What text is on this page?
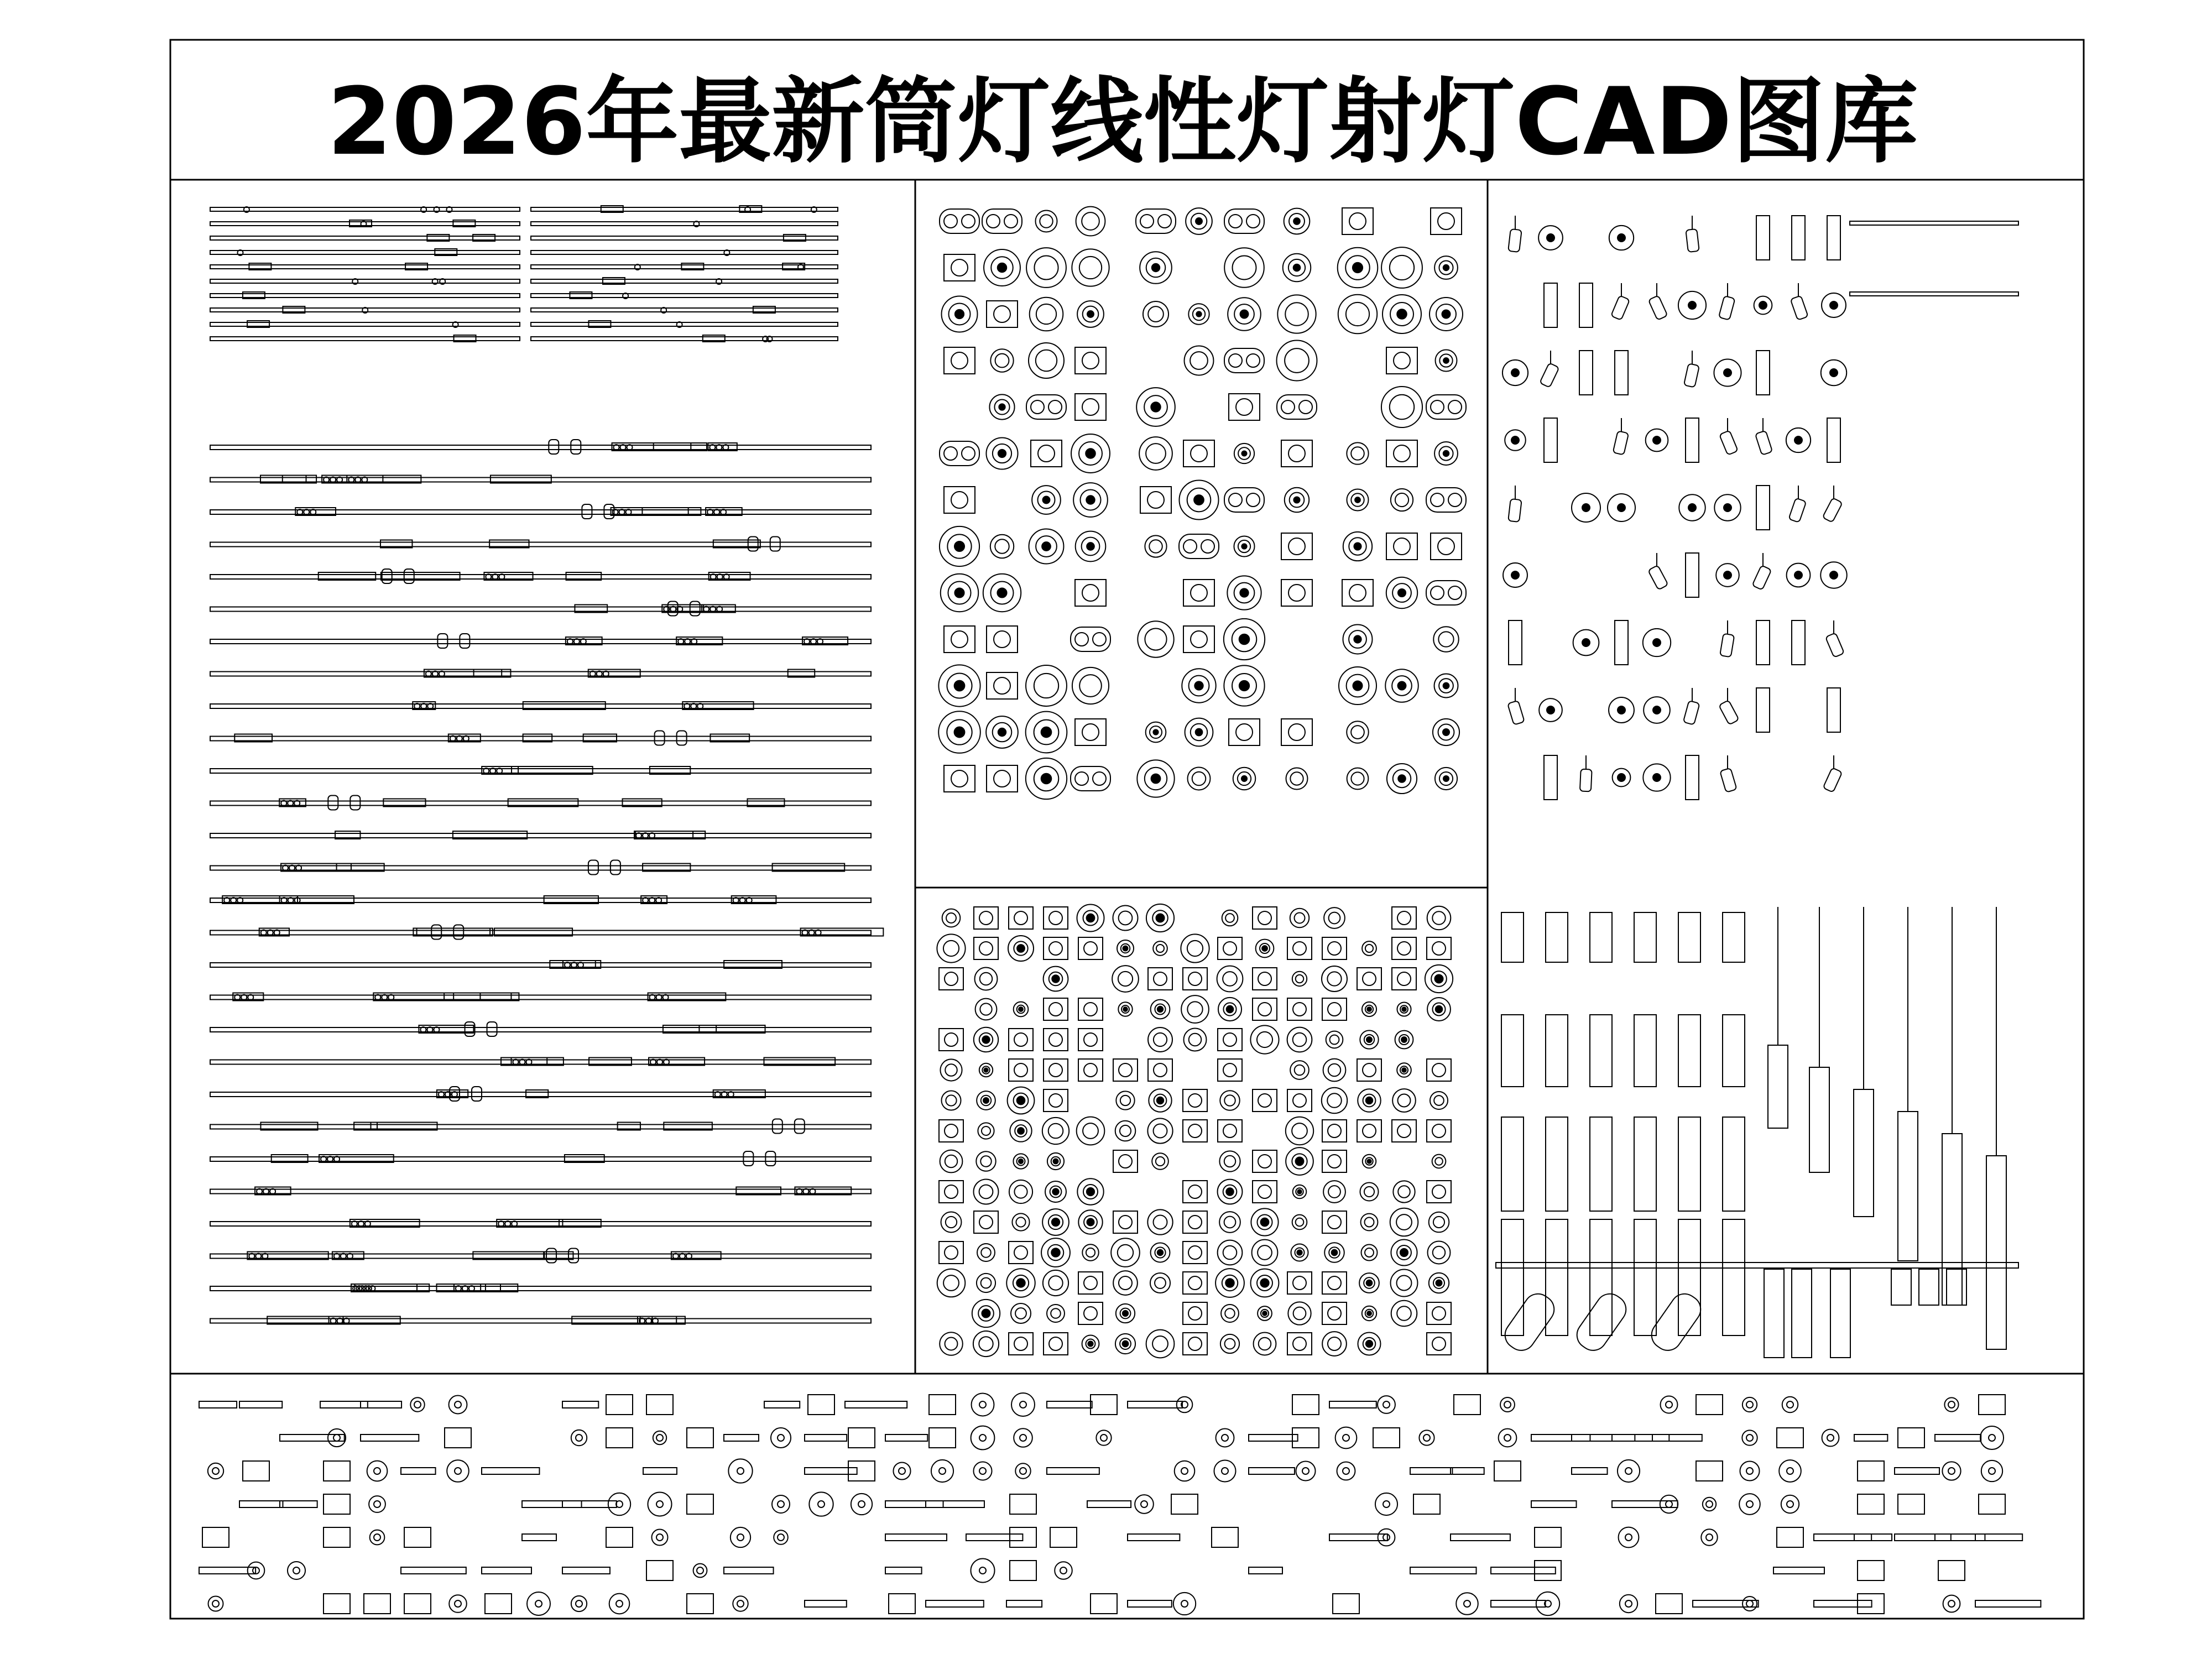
2026年最新筒灯线性灯射灯CAD图库
